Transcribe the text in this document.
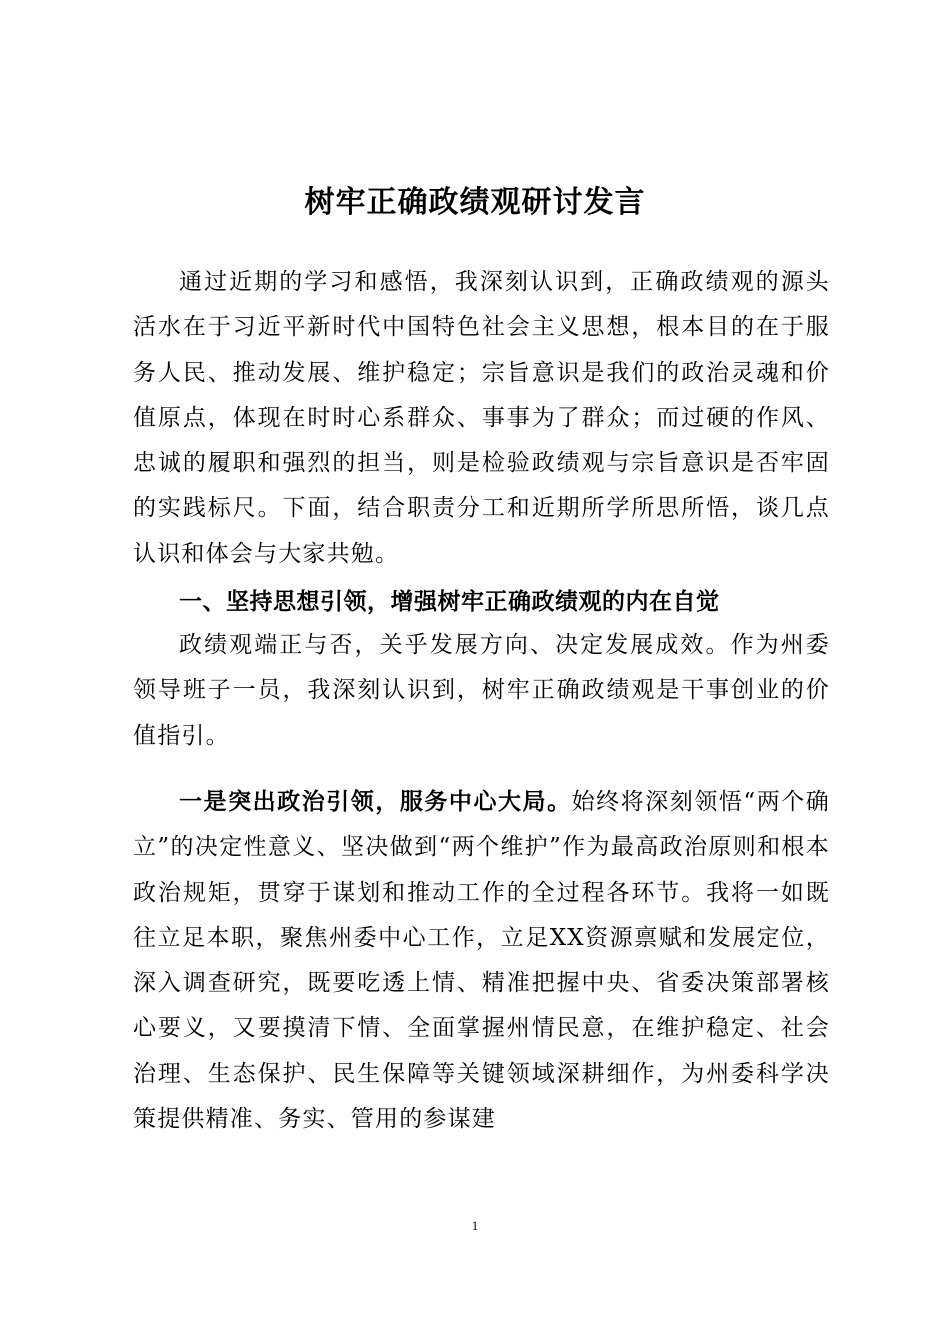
树牢正确政绩观研讨发言

通过近期的学习和感悟，我深刻认识到，正确政绩观的源头活水在于习近平新时代中国特色社会主义思想，根本目的在于服务人民、推动发展、维护稳定；宗旨意识是我们的政治灵魂和价值原点，体现在时时心系群众、事事为了群众；而过硬的作风、忠诚的履职和强烈的担当，则是检验政绩观与宗旨意识是否牢固的实践标尺。下面，结合职责分工和近期所学所思所悟，谈几点认识和体会与大家共勉。

一、坚持思想引领，增强树牢正确政绩观的内在自觉

政绩观端正与否，关乎发展方向、决定发展成效。作为州委领导班子一员，我深刻认识到，树牢正确政绩观是干事创业的价值指引。

一是突出政治引领，服务中心大局。始终将深刻领悟“两个确立”的决定性意义、坚决做到“两个维护”作为最高政治原则和根本政治规矩，贯穿于谋划和推动工作的全过程各环节。我将一如既往立足本职，聚焦州委中心工作，立足XX资源禀赋和发展定位，深入调查研究，既要吃透上情、精准把握中央、省委决策部署核心要义，又要摸清下情、全面掌握州情民意，在维护稳定、社会治理、生态保护、民生保障等关键领域深耕细作，为州委科学决策提供精准、务实、管用的参谋建

1
